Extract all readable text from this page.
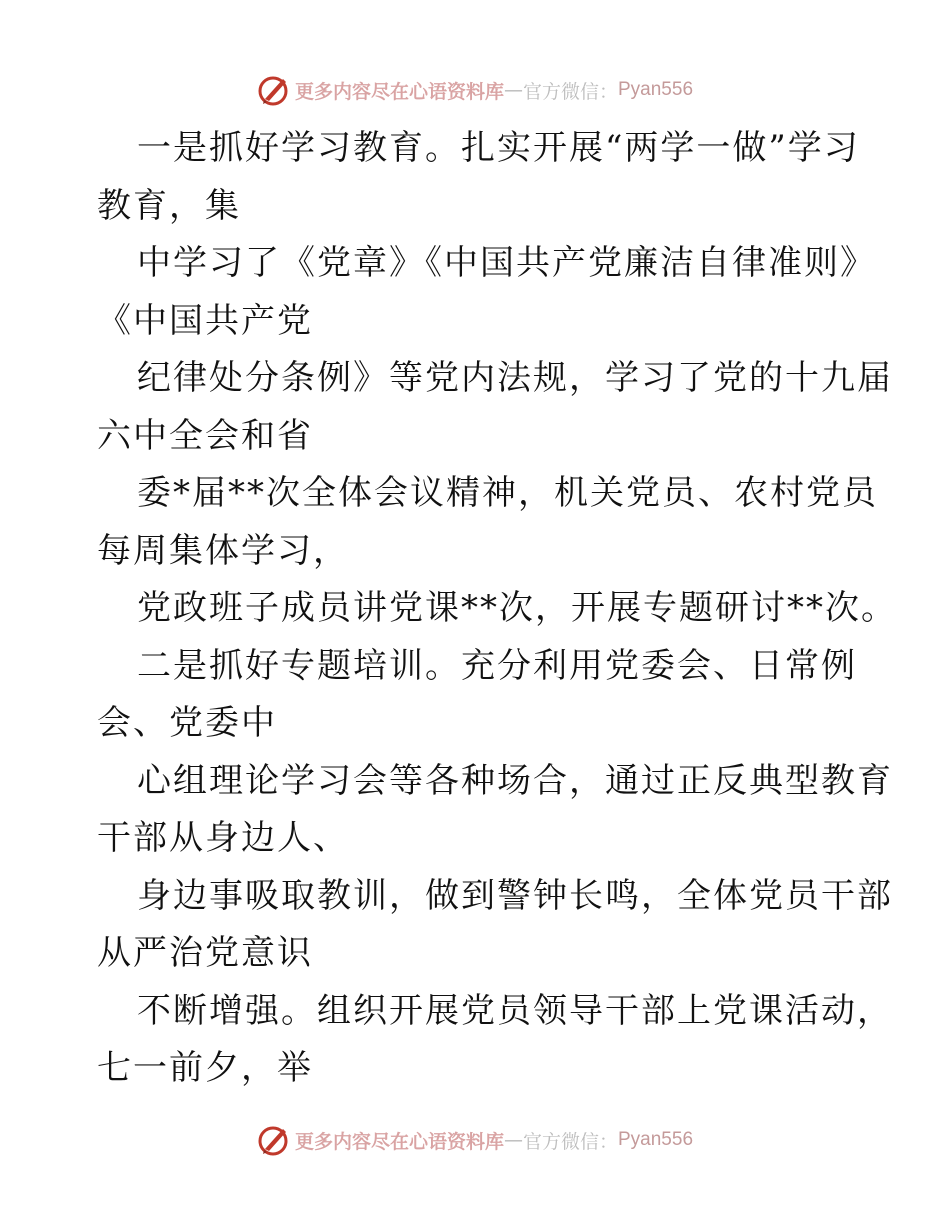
更多内容尽在心语资料库 — 官方微信： Pyan556
一是抓好学习教育。扎实开展“两学一做”学习
教育，集
中学习了《党章》《中国共产党廉洁自律准则》
《中国共产党
纪律处分条例》等党内法规，学习了党的十九届
六中全会和省
委*届**次全体会议精神，机关党员、农村党员
每周集体学习，
党政班子成员讲党课**次，开展专题研讨**次。
二是抓好专题培训。充分利用党委会、日常例
会、党委中
心组理论学习会等各种场合，通过正反典型教育
干部从身边人、
身边事吸取教训，做到警钟长鸣，全体党员干部
从严治党意识
不断增强。组织开展党员领导干部上党课活动，
七一前夕，举
更多内容尽在心语资料库 — 官方微信： Pyan556
